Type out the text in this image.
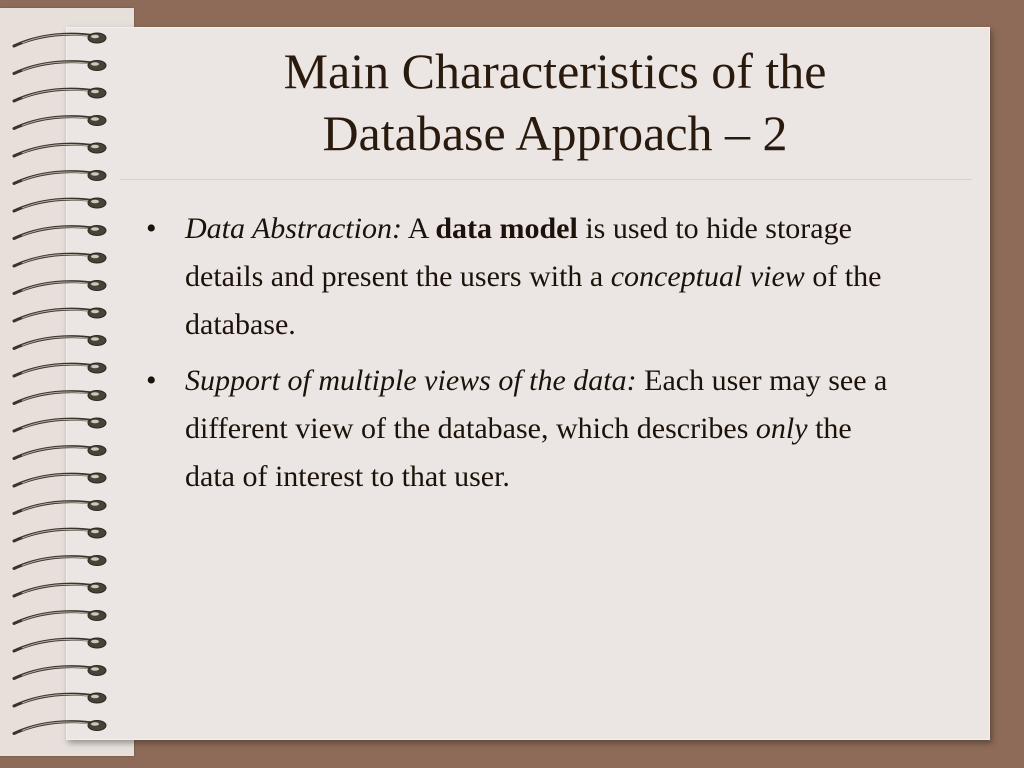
Main Characteristics of the
Database Approach – 2
• Data Abstraction: A data model is used to hide storage details and present the users with a conceptual view of the database.
• Support of multiple views of the data: Each user may see a different view of the database, which describes only the data of interest to that user.
